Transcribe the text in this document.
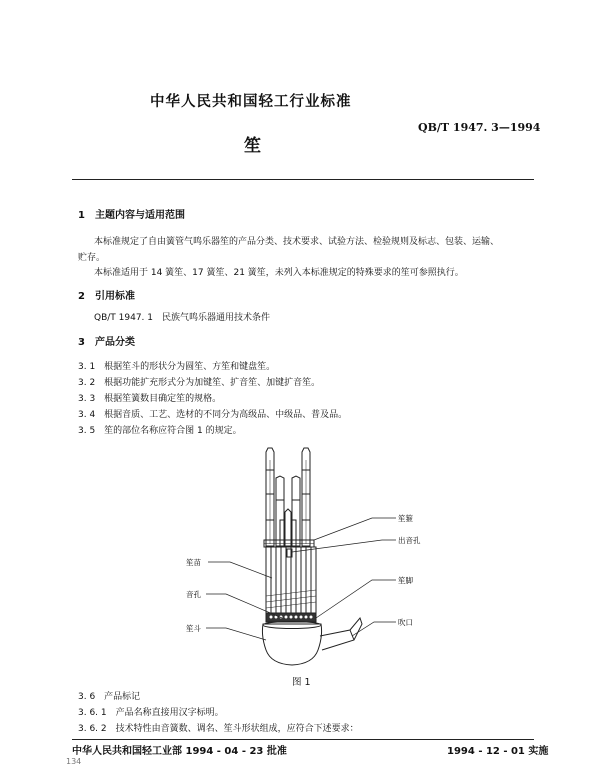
中华人民共和国轻工行业标准
QB/T 1947. 3—1994
笙
1　主题内容与适用范围
本标准规定了自由簧管气鸣乐器笙的产品分类、技术要求、试验方法、检验规则及标志、包装、运输、
贮存。
本标准适用于 14 簧笙、17 簧笙、21 簧笙，未列入本标准规定的特殊要求的笙可参照执行。
2　引用标准
QB/T 1947. 1　民族气鸣乐器通用技术条件
3　产品分类
3. 1　根据笙斗的形状分为圆笙、方笙和键盘笙。
3. 2　根据功能扩充形式分为加键笙、扩音笙、加键扩音笙。
3. 3　根据笙簧数目确定笙的规格。
3. 4　根据音质、工艺、选材的不同分为高级品、中级品、普及品。
3. 5　笙的部位名称应符合图 1 的规定。
笙箍
出音孔
笙苗
笙脚
音孔
吹口
笙斗
图 1
3. 6　产品标记
3. 6. 1　产品名称直接用汉字标明。
3. 6. 2　技术特性由音簧数、调名、笙斗形状组成，应符合下述要求：
中华人民共和国轻工业部 1994 - 04 - 23 批准	1994 - 12 - 01 实施
134
